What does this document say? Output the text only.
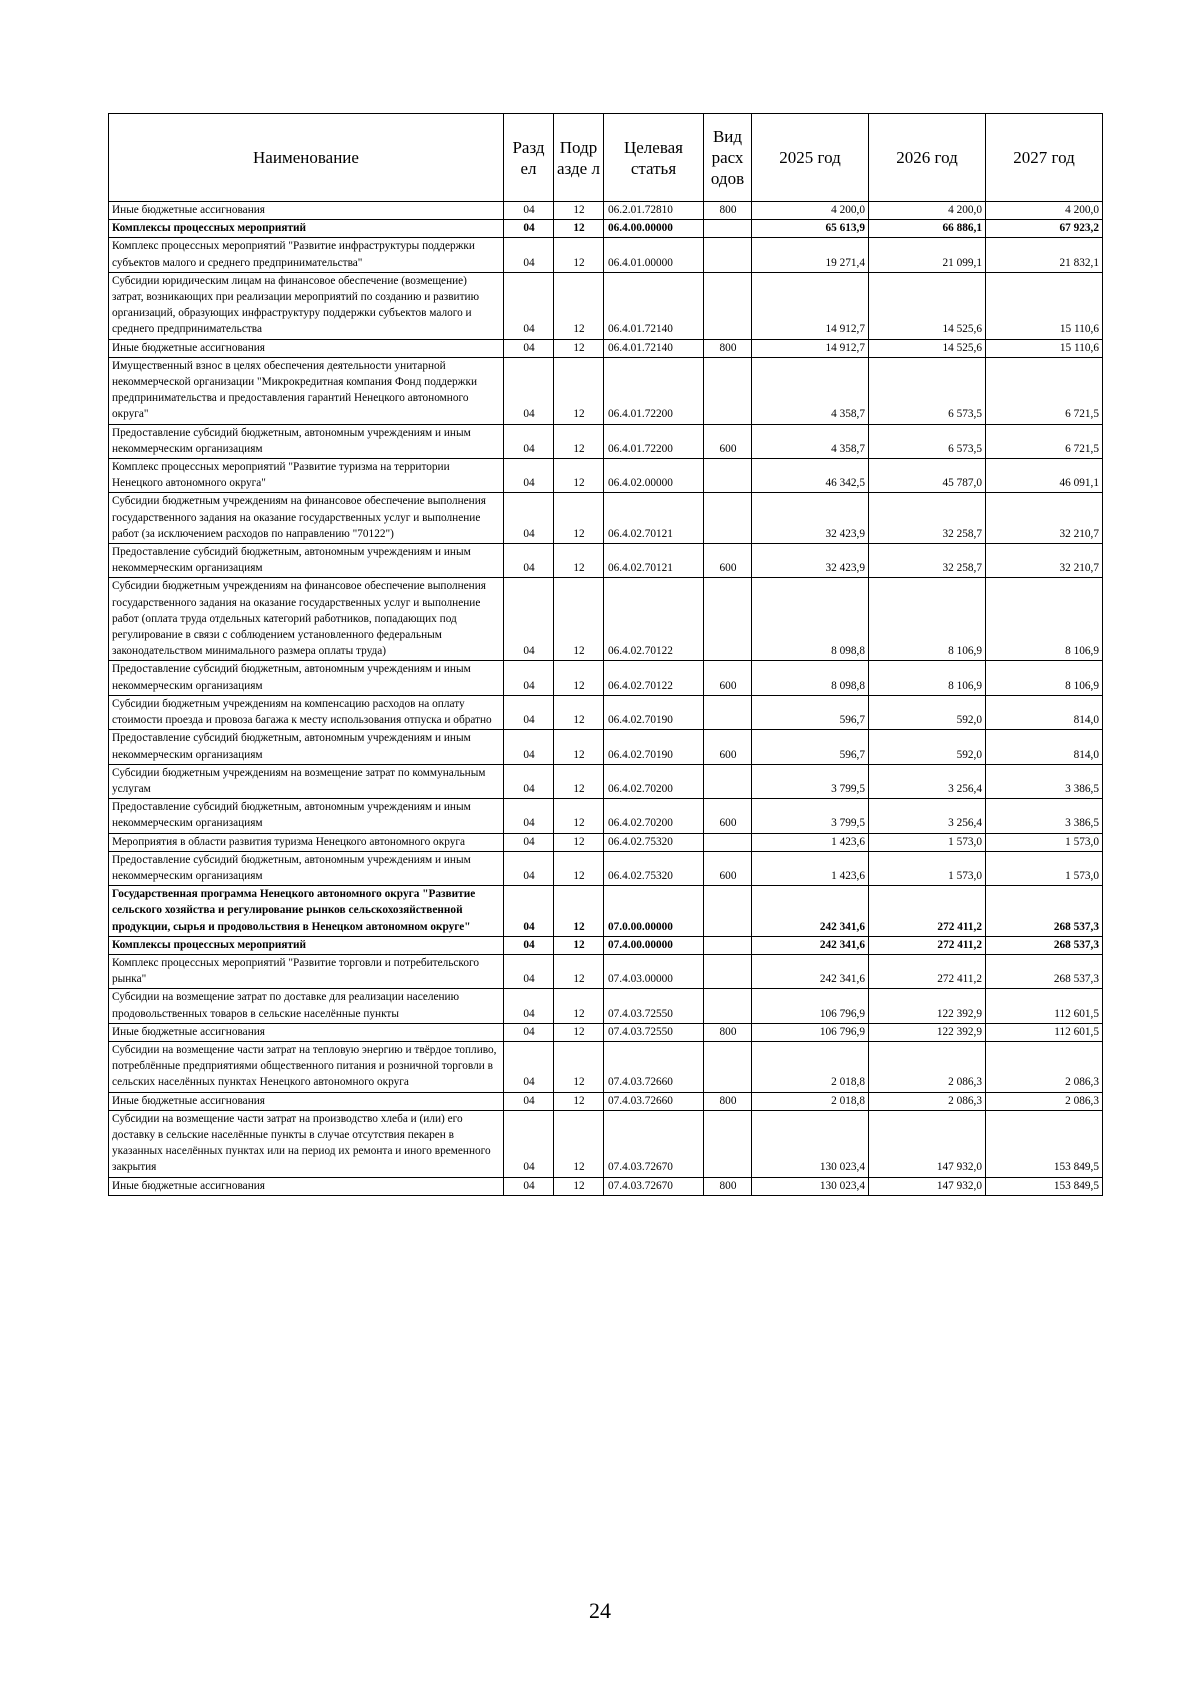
Наименование	Разд ел	Подр азде л	Целевая статья	Вид расх одов	2025 год	2026 год	2027 год
Иные бюджетные ассигнования	04	12	06.2.01.72810	800	4 200,0	4 200,0	4 200,0
Комплексы процессных мероприятий	04	12	06.4.00.00000		65 613,9	66 886,1	67 923,2
Комплекс процессных мероприятий "Развитие инфраструктуры поддержки субъектов малого и среднего предпринимательства"	04	12	06.4.01.00000		19 271,4	21 099,1	21 832,1
Субсидии юридическим лицам на финансовое обеспечение (возмещение) затрат, возникающих при реализации мероприятий по созданию и развитию организаций, образующих инфраструктуру поддержки субъектов малого и среднего предпринимательства	04	12	06.4.01.72140		14 912,7	14 525,6	15 110,6
Иные бюджетные ассигнования	04	12	06.4.01.72140	800	14 912,7	14 525,6	15 110,6
Имущественный взнос в целях обеспечения деятельности унитарной некоммерческой организации "Микрокредитная компания Фонд поддержки предпринимательства и предоставления гарантий Ненецкого автономного округа"	04	12	06.4.01.72200		4 358,7	6 573,5	6 721,5
Предоставление субсидий бюджетным, автономным учреждениям и иным некоммерческим организациям	04	12	06.4.01.72200	600	4 358,7	6 573,5	6 721,5
Комплекс процессных мероприятий "Развитие туризма на территории Ненецкого автономного округа"	04	12	06.4.02.00000		46 342,5	45 787,0	46 091,1
Субсидии бюджетным учреждениям на финансовое обеспечение выполнения государственного задания на оказание государственных услуг и выполнение работ (за исключением расходов по направлению "70122")	04	12	06.4.02.70121		32 423,9	32 258,7	32 210,7
Предоставление субсидий бюджетным, автономным учреждениям и иным некоммерческим организациям	04	12	06.4.02.70121	600	32 423,9	32 258,7	32 210,7
Субсидии бюджетным учреждениям на финансовое обеспечение выполнения государственного задания на оказание государственных услуг и выполнение работ (оплата труда отдельных категорий работников, попадающих под регулирование в связи с соблюдением установленного федеральным законодательством минимального размера оплаты труда)	04	12	06.4.02.70122		8 098,8	8 106,9	8 106,9
Предоставление субсидий бюджетным, автономным учреждениям и иным некоммерческим организациям	04	12	06.4.02.70122	600	8 098,8	8 106,9	8 106,9
Субсидии бюджетным учреждениям на компенсацию расходов на оплату стоимости проезда и провоза багажа к месту использования отпуска и обратно	04	12	06.4.02.70190		596,7	592,0	814,0
Предоставление субсидий бюджетным, автономным учреждениям и иным некоммерческим организациям	04	12	06.4.02.70190	600	596,7	592,0	814,0
Субсидии бюджетным учреждениям на возмещение затрат по коммунальным услугам	04	12	06.4.02.70200		3 799,5	3 256,4	3 386,5
Предоставление субсидий бюджетным, автономным учреждениям и иным некоммерческим организациям	04	12	06.4.02.70200	600	3 799,5	3 256,4	3 386,5
Мероприятия в области развития туризма Ненецкого автономного округа	04	12	06.4.02.75320		1 423,6	1 573,0	1 573,0
Предоставление субсидий бюджетным, автономным учреждениям и иным некоммерческим организациям	04	12	06.4.02.75320	600	1 423,6	1 573,0	1 573,0
Государственная программа Ненецкого автономного округа "Развитие сельского хозяйства и регулирование рынков сельскохозяйственной продукции, сырья и продовольствия в Ненецком автономном округе"	04	12	07.0.00.00000		242 341,6	272 411,2	268 537,3
Комплексы процессных мероприятий	04	12	07.4.00.00000		242 341,6	272 411,2	268 537,3
Комплекс процессных мероприятий "Развитие торговли и потребительского рынка"	04	12	07.4.03.00000		242 341,6	272 411,2	268 537,3
Субсидии на возмещение затрат по доставке для реализации населению продовольственных товаров в сельские населённые пункты	04	12	07.4.03.72550		106 796,9	122 392,9	112 601,5
Иные бюджетные ассигнования	04	12	07.4.03.72550	800	106 796,9	122 392,9	112 601,5
Субсидии на возмещение части затрат на тепловую энергию и твёрдое топливо, потреблённые предприятиями общественного питания и розничной торговли в сельских населённых пунктах Ненецкого автономного округа	04	12	07.4.03.72660		2 018,8	2 086,3	2 086,3
Иные бюджетные ассигнования	04	12	07.4.03.72660	800	2 018,8	2 086,3	2 086,3
Субсидии на возмещение части затрат на производство хлеба и (или) его доставку в сельские населённые пункты в случае отсутствия пекарен в указанных населённых пунктах или на период их ремонта и иного временного закрытия	04	12	07.4.03.72670		130 023,4	147 932,0	153 849,5
Иные бюджетные ассигнования	04	12	07.4.03.72670	800	130 023,4	147 932,0	153 849,5
24
